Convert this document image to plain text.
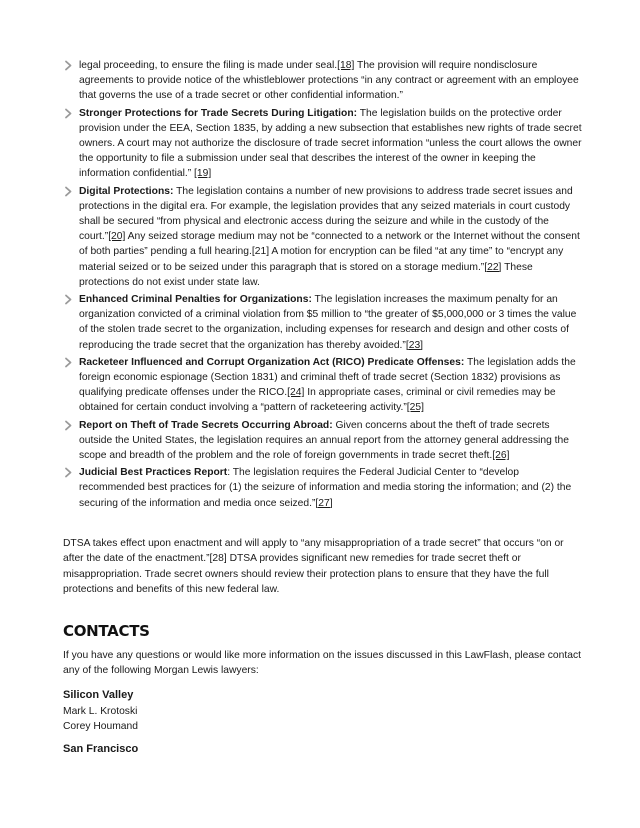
legal proceeding, to ensure the filing is made under seal.[18] The provision will require nondisclosure agreements to provide notice of the whistleblower protections “in any contract or agreement with an employee that governs the use of a trade secret or other confidential information.”
Stronger Protections for Trade Secrets During Litigation: The legislation builds on the protective order provision under the EEA, Section 1835, by adding a new subsection that establishes new rights of trade secret owners. A court may not authorize the disclosure of trade secret information “unless the court allows the owner the opportunity to file a submission under seal that describes the interest of the owner in keeping the information confidential.” [19]
Digital Protections: The legislation contains a number of new provisions to address trade secret issues and protections in the digital era. For example, the legislation provides that any seized materials in court custody shall be secured “from physical and electronic access during the seizure and while in the custody of the court.”[20] Any seized storage medium may not be “connected to a network or the Internet without the consent of both parties” pending a full hearing.[21] A motion for encryption can be filed “at any time” to “encrypt any material seized or to be seized under this paragraph that is stored on a storage medium.”[22] These protections do not exist under state law.
Enhanced Criminal Penalties for Organizations: The legislation increases the maximum penalty for an organization convicted of a criminal violation from $5 million to “the greater of $5,000,000 or 3 times the value of the stolen trade secret to the organization, including expenses for research and design and other costs of reproducing the trade secret that the organization has thereby avoided.”[23]
Racketeer Influenced and Corrupt Organization Act (RICO) Predicate Offenses: The legislation adds the foreign economic espionage (Section 1831) and criminal theft of trade secret (Section 1832) provisions as qualifying predicate offenses under the RICO.[24] In appropriate cases, criminal or civil remedies may be obtained for certain conduct involving a “pattern of racketeering activity.”[25]
Report on Theft of Trade Secrets Occurring Abroad: Given concerns about the theft of trade secrets outside the United States, the legislation requires an annual report from the attorney general addressing the scope and breadth of the problem and the role of foreign governments in trade secret theft.[26]
Judicial Best Practices Report: The legislation requires the Federal Judicial Center to “develop recommended best practices for (1) the seizure of information and media storing the information; and (2) the securing of the information and media once seized.”[27]

DTSA takes effect upon enactment and will apply to “any misappropriation of a trade secret” that occurs “on or after the date of the enactment.”[28] DTSA provides significant new remedies for trade secret theft or misappropriation. Trade secret owners should review their protection plans to ensure that they have the full protections and benefits of this new federal law.

CONTACTS

If you have any questions or would like more information on the issues discussed in this LawFlash, please contact any of the following Morgan Lewis lawyers:

Silicon Valley

Mark L. Krotoski

Corey Houmand

San Francisco
